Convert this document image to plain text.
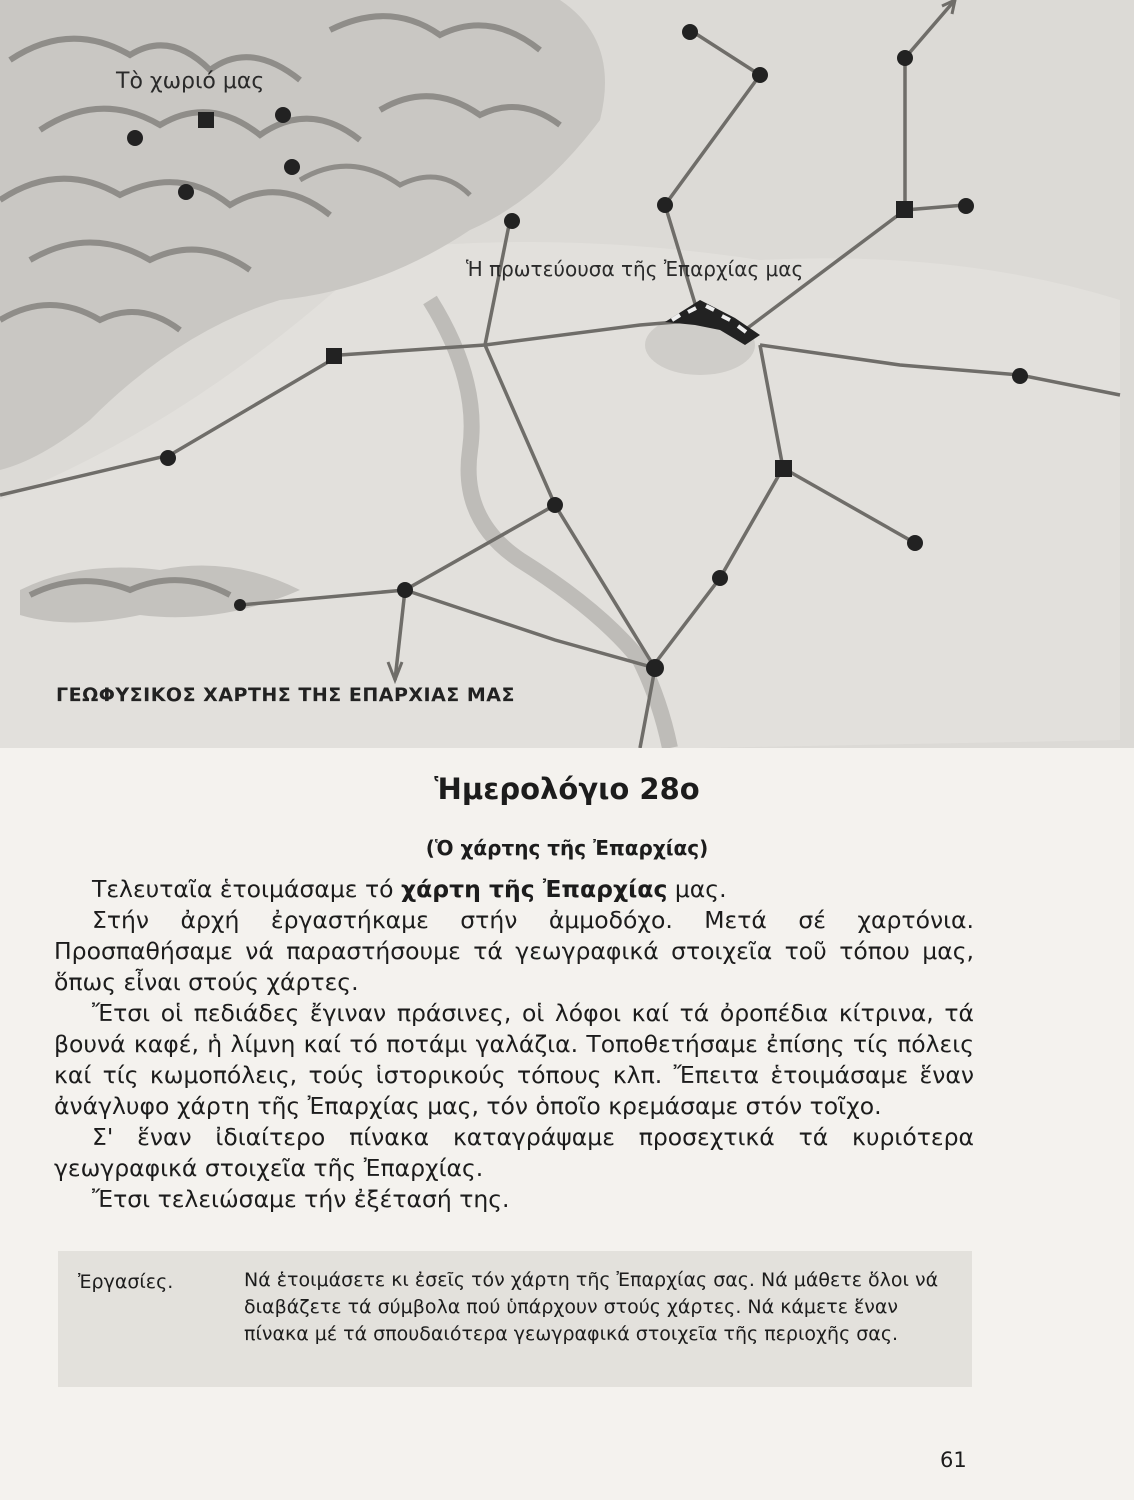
Τὸ χωριό μας
Ἡ πρωτεύουσα τῆς Ἐπαρχίας μας
ΓΕΩΦΥΣΙΚΟΣ ΧΑΡΤΗΣ ΤΗΣ ΕΠΑΡΧΙΑΣ ΜΑΣ
Ἡμερολόγιο 28ο
(Ὁ χάρτης τῆς Ἐπαρχίας)

Τελευταῖα ἑτοιμάσαμε τό χάρτη τῆς Ἐπαρχίας μας.

Στήν ἀρχή ἐργαστήκαμε στήν ἀμμοδόχο. Μετά σέ χαρτόνια. Προσπαθήσαμε νά παραστήσουμε τά γεωγραφικά στοιχεῖα τοῦ τόπου μας, ὅπως εἶναι στούς χάρτες.

Ἔτσι οἱ πεδιάδες ἔγιναν πράσινες, οἱ λόφοι καί τά ὀροπέδια κίτρινα, τά βουνά καφέ, ἡ λίμνη καί τό ποτάμι γαλάζια. Τοποθετήσαμε ἐπίσης τίς πόλεις καί τίς κωμοπόλεις, τούς ἱστορικούς τόπους κλπ. Ἔπειτα ἑτοιμάσαμε ἕναν ἀνάγλυφο χάρτη τῆς Ἐπαρχίας μας, τόν ὁποῖο κρεμάσαμε στόν τοῖχο.

Σ' ἕναν ἰδιαίτερο πίνακα καταγράψαμε προσεχτικά τά κυριότερα γεωγραφικά στοιχεῖα τῆς Ἐπαρχίας.

Ἔτσι τελειώσαμε τήν ἐξέτασή της.

Ἐργασίες.	Νά ἑτοιμάσετε κι ἐσεῖς τόν χάρτη τῆς Ἐπαρχίας σας. Νά μάθετε ὅλοι νά διαβάζετε τά σύμβολα πού ὑπάρχουν στούς χάρτες. Νά κάμετε ἕναν πίνακα μέ τά σπουδαιότερα γεωγραφικά στοιχεῖα τῆς περιοχῆς σας.
61
